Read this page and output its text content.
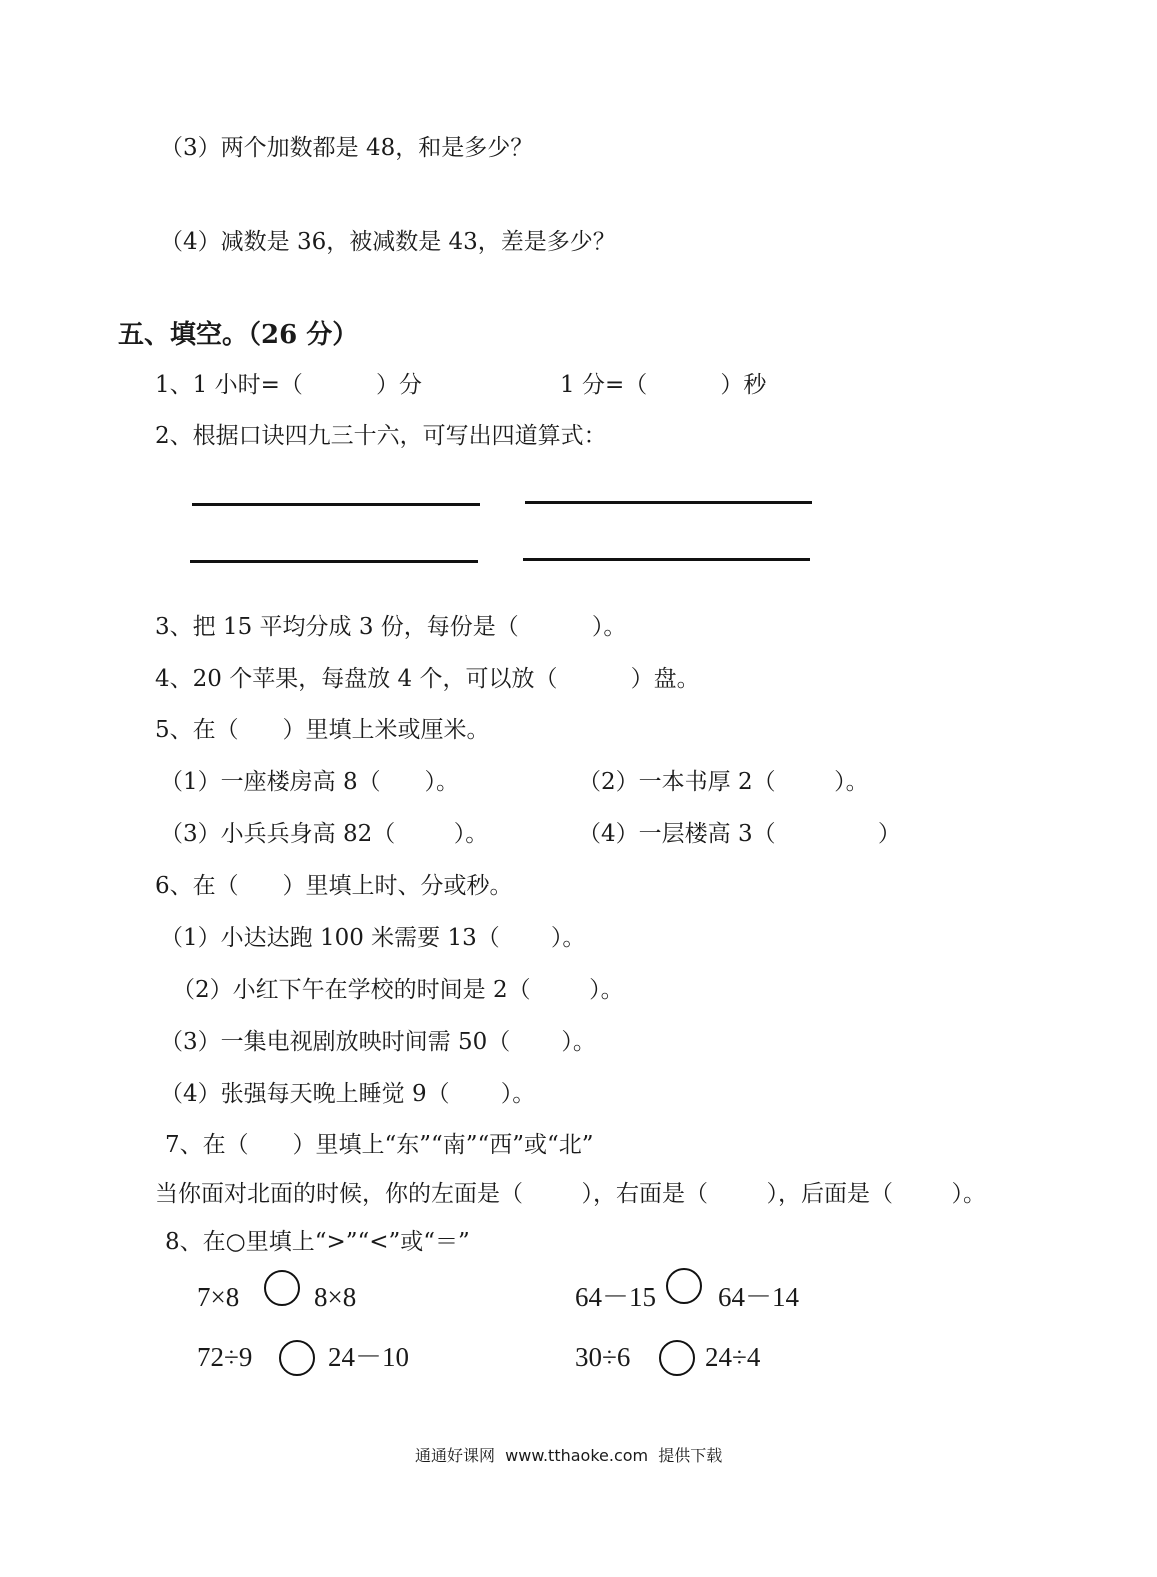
（3）两个加数都是 48，和是多少？
（4）减数是 36，被减数是 43，差是多少？
五、填空。（26 分）
1、1 小时=（          ）分	1 分=（          ）秒
2、根据口诀四九三十六，可写出四道算式：
3、把 15 平均分成 3 份，每份是（          ）。
4、20 个苹果，每盘放 4 个，可以放（          ）盘。
5、在（      ）里填上米或厘米。
（1）一座楼房高 8（      ）。	（2）一本书厚 2（        ）。
（3）小兵兵身高 82（        ）。	（4）一层楼高 3（              ）
6、在（      ）里填上时、分或秒。
（1）小达达跑 100 米需要 13（       ）。
（2）小红下午在学校的时间是 2（        ）。
（3）一集电视剧放映时间需 50（       ）。
（4）张强每天晚上睡觉 9（       ）。
7、在（      ）里填上“东”“南”“西”或“北”
当你面对北面的时候，你的左面是（        ），右面是（        ），后面是（        ）。
8、在○里填上“>”“<”或“＝”
7×8	8×8	64－15 64－14
72÷9	24－10	30÷6	24÷4
通通好课网  www.tthaoke.com  提供下载
